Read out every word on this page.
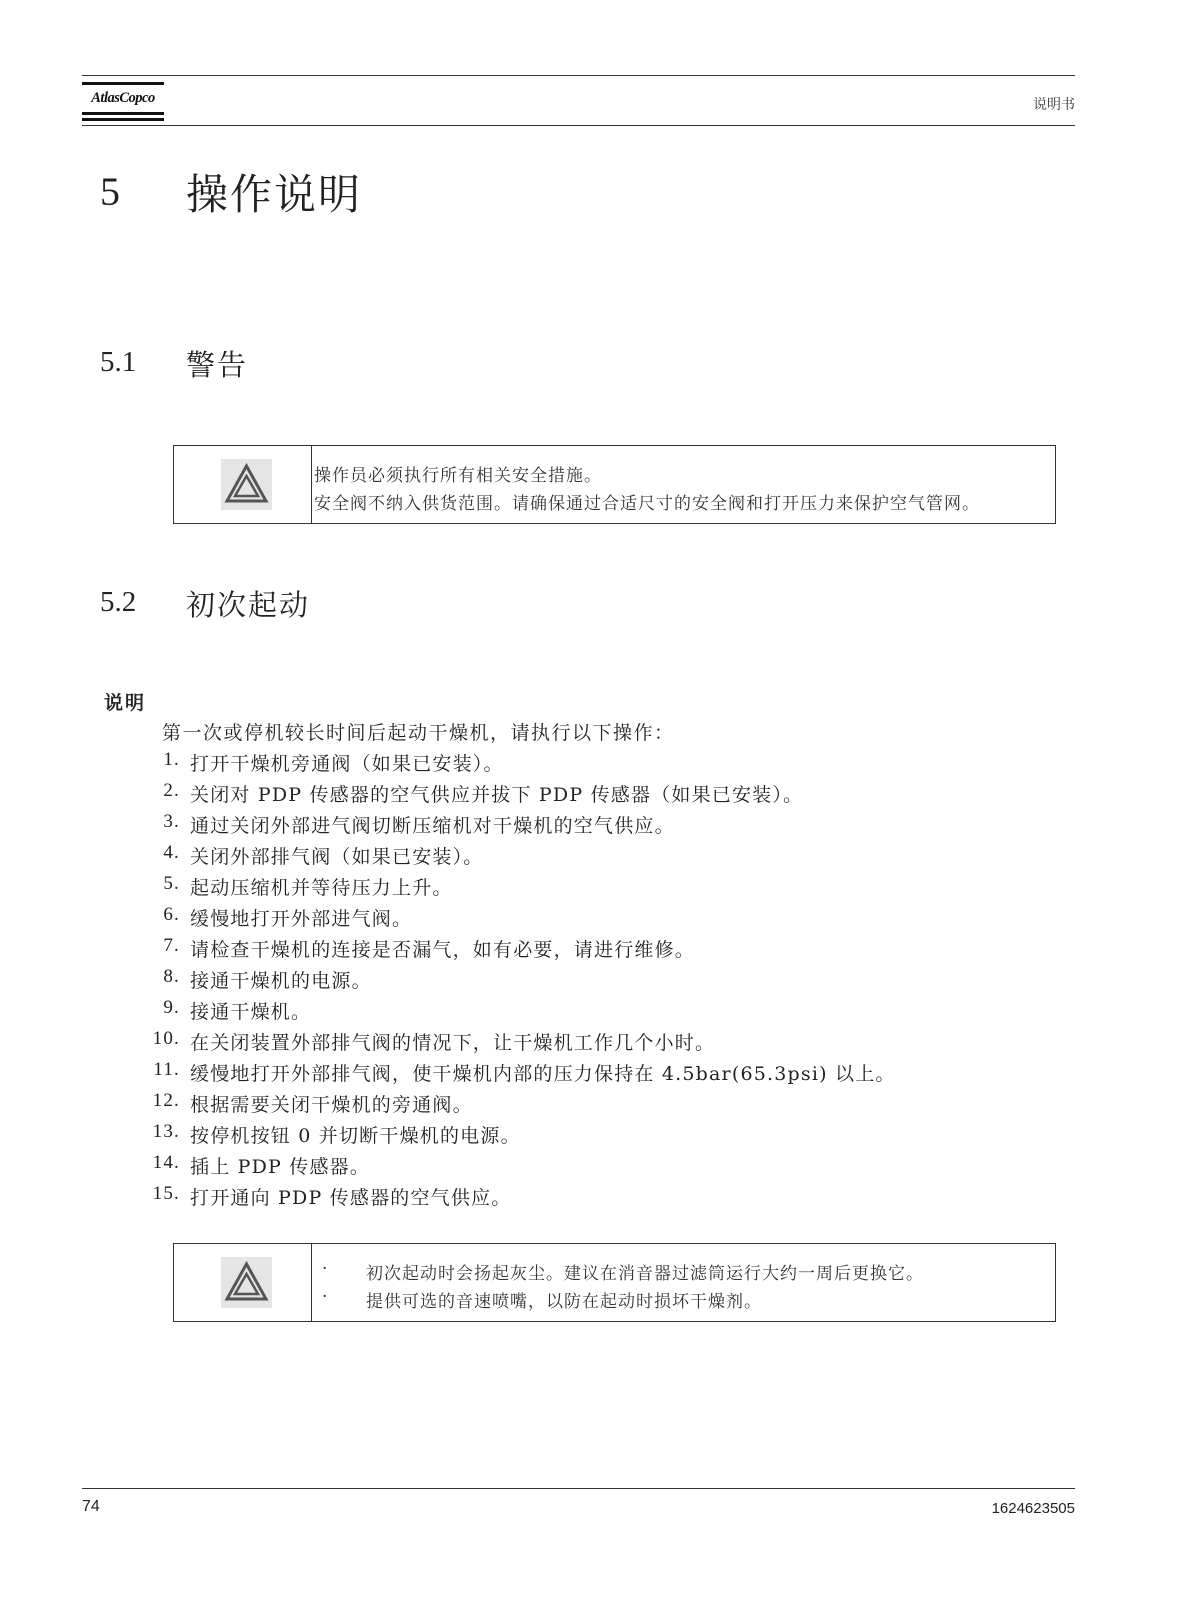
AtlasCopco	说明书
5 操作说明
5.1 警告
操作员必须执行所有相关安全措施。
安全阀不纳入供货范围。请确保通过合适尺寸的安全阀和打开压力来保护空气管网。
5.2 初次起动
说明
第一次或停机较长时间后起动干燥机，请执行以下操作：
1. 打开干燥机旁通阀（如果已安装）。
2. 关闭对 PDP 传感器的空气供应并拔下 PDP 传感器（如果已安装）。
3. 通过关闭外部进气阀切断压缩机对干燥机的空气供应。
4. 关闭外部排气阀（如果已安装）。
5. 起动压缩机并等待压力上升。
6. 缓慢地打开外部进气阀。
7. 请检查干燥机的连接是否漏气，如有必要，请进行维修。
8. 接通干燥机的电源。
9. 接通干燥机。
10. 在关闭装置外部排气阀的情况下，让干燥机工作几个小时。
11. 缓慢地打开外部排气阀，使干燥机内部的压力保持在 4.5bar(65.3psi) 以上。
12. 根据需要关闭干燥机的旁通阀。
13. 按停机按钮 0 并切断干燥机的电源。
14. 插上 PDP 传感器。
15. 打开通向 PDP 传感器的空气供应。
· 初次起动时会扬起灰尘。建议在消音器过滤筒运行大约一周后更换它。
· 提供可选的音速喷嘴，以防在起动时损坏干燥剂。
74	1624623505
